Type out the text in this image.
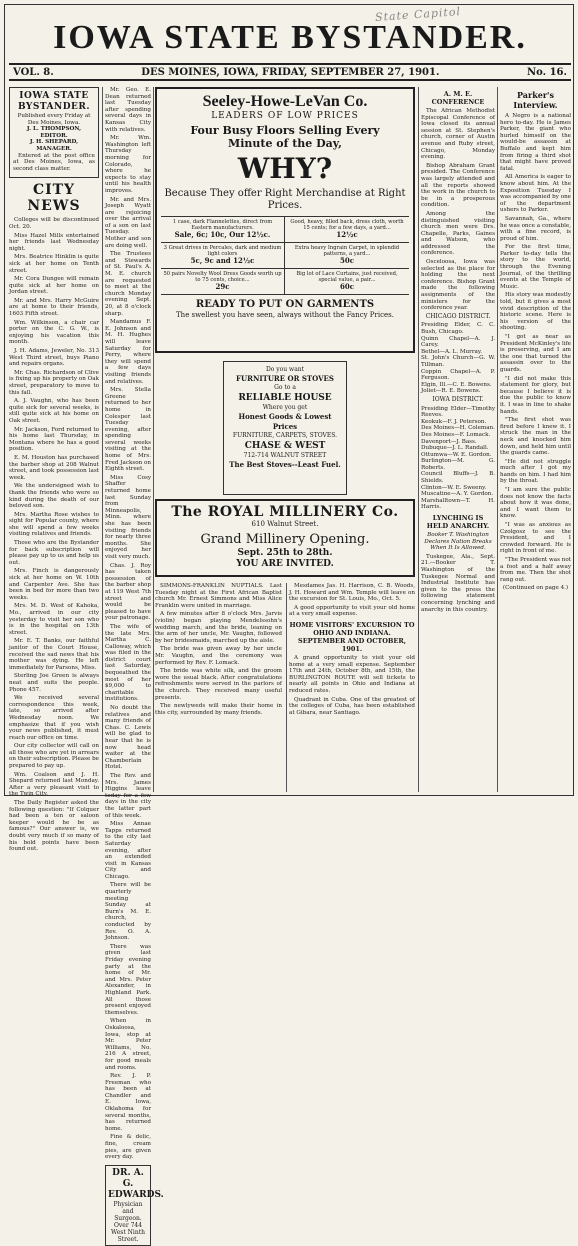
State Capitol
IOWA STATE BYSTANDER.
VOL. 8.	DES MOINES, IOWA, FRIDAY, SEPTEMBER 27, 1901.	No. 16.
IOWA STATE BYSTANDER.
Published every Friday at
Des Moines, Iowa.
J. L. THOMPSON, EDITOR.
J. H. SHEPARD, MANAGER.

Entered at the post office at Des Moines, Iowa, as second class matter.

CITY NEWS

Colleges will be discontinued Oct. 20.

Miss Hazel Mills entertained her friends last Wednesday night.

Mrs. Beatrice Hinklin is quite sick at her home on Tenth street.

Mr. Cora Dungee will remain quite sick at her home on Jordan street.

Mr. and Mrs. Harry McGuire are at home to their friends, 1603 Fifth street.

Wm. Wilkinson, a chair car porter on the C. G. W., is enjoying his vacation this month.

J. H. Adams, Jeweler, No. 313 West Third street, buys Piano and repairs organs.

Mr. Chas. Richardson of Clive is fixing up his property on Oak street, preparatory to move to this fall.

A. J. Vaughn, who has been quite sick for several weeks, is still quite sick at his home on Oak street.

Mr. Jackson, Ford returned to his home last Thursday, in Montana where he has a good position.

E. M. Houston has purchased the barber shop at 208 Walnut street, and took possession last week.

We the undersigned wish to thank the friends who were so kind during the death of our beloved son.

Mrs. Martha Rose wishes to sight for Popular county, where she will spend a few weeks visiting relatives and friends.

Those who are the Bystander for back subscription will please pay up to us and help us out.

Mrs. Finch is dangerously sick at her home on W. 10th and Carpenter Ave. She has been in bed for more than two weeks.

Mrs. M. D. West of Kahoka, Mo., arrived in our city yesterday to visit her son who is in the hospital on 13th street.

Mr. E. T. Banks, our faithful janitor of the Court House, received the sad news that his mother was dying. He left immediately for Parsons, Miss.

Sterling Joe Green is always neat and suits the people. Phone 457.

We received several correspondence this week, late, so arrived after Wednesday noon. We emphasize that if you wish your news published, it must reach our office on time.

Our city collector will call on all those who are yet in arrears on their subscription. Please be prepared to pay up.

Wm. Coalson and J. H. Shepard returned last Monday. After a very pleasant visit to the Twin City.

The Daily Register asked the following question: "If Colquer had been a ten or saloon keeper would he be as famous?" Our answer is, we doubt very much if so many of his bold points have been found out.

Mr. Geo. E. Dean returned last Tuesday after spending several days in Kansas City with relatives.

Mr. Wm. Washington left Thursday morning for Colorado, where he expects to stay until his health improves.

Mr. and Mrs. Joseph Wyatt are rejoicing over the arrival of a son on last Tuesday. Mother and son are doing well.

The Trustees and Stewards of St. Paul's A. M. E. church are requested to meet at the church Monday evening Sept. 20, at 8 o'clock sharp.

Mandamus F. E. Johnson and M. H. Hughes will leave Saturday for Perry, where they will spend a few days visiting friends and relatives.

Mrs. Stella Greene returned to her home in Colesper last Tuesday evening, after spending several weeks visiting at the home of Mrs. Fred Jackson on Eighth street.

Miss Cosy Shaffer returned home last Sunday from Minneapolis, Minn. where she has been visiting friends for nearly three months. She enjoyed her visit very much.

Chas. J. Roy has taken possession of the barber shop at 119 West 7th street and would be pleased to have your patronage.

The wife of the late Mrs. Martha C. Calloway, which was filed in the district court last Saturday, bequeathed the most of her $9,000 to charitable institutions.

No doubt the relatives and many friends of Chas. C. Lewis will be glad to hear that he is now head waiter at the Chamberlain Hotel.

The Rev. and Mrs. James Higgins leave today for a few days in the city the latter part of this week.

Miss Annae Tapps returned to the city last Saturday evening, after an extended visit in Kansas City and Chicago.

There will be quarterly meeting Sunday at Burn's M. E. church, conducted by Rev. O. A. Johnson.

There was given last Friday evening party at the home of Mr. and Mrs. Peter Alexander, in Highland Park. All those present enjoyed themselves.

When in Oskaloosa, Iowa, stop at Mr. Peter Williams, No. 216 A street, for good meals and rooms.

Rev. J. P. Freeman who has been at Chandler and E. Iowa, Oklahoma for several months, has returned home.

Fine & delic, fine, cream pies, are given every day.

DR. A. G. EDWARDS.
Physician and Surgeon.
Over 744 West Ninth Street.
Seeley-Howe-LeVan Co.
LEADERS OF LOW PRICES
Four Busy Floors Selling Every
Minute of the Day,
WHY?
Because They offer Right Merchandise at Right Prices.
1 case, dark Flannelettes, direct from Eastern manufacturers.
Sale, 6c; 10c, Our 12½c.
Good, heavy, filled back, dress cloth, worth 15 cents; for a few days, a yard...
12½c
3 Great drives in Percales, dark and medium light colors
5c, 9c and 12½c
Extra heavy Ingrain Carpet, in splendid patterns, a yard...
50c
50 pairs Novelty Wool Dress Goods worth up to 75 cents, choice...
29c
Big lot of Lace Curtains, just received, special value, a pair...
60c
READY TO PUT ON GARMENTS
The swellest you have seen, always without the Fancy Prices.
Do you want
FURNITURE OR STOVES
Go to a
RELIABLE HOUSE
Where you get
Honest Goods & Lowest Prices
FURNITURE, CARPETS, STOVES.
CHASE & WEST
712-714 WALNUT STREET
The Best Stoves--Least Fuel.
The ROYAL MILLINERY Co.
610 Walnut Street.
Grand Millinery Opening.
Sept. 25th to 28th.
YOU ARE INVITED.

SIMMONS-FRANKLIN NUPTIALS. Last Tuesday night at the First African Baptist church Mr. Ernest Simmons and Miss Alice Franklin were united in marriage.

A few minutes after 8 o'clock Mrs. Jarvis (violin) began playing Mendelssohn's wedding march, and the bride, leaning on the arm of her uncle, Mr. Vaughn, followed by her bridesmaids, marched up the aisle.

The bride was given away by her uncle Mr. Vaughn, and the ceremony was performed by Rev. F. Lomack.

The bride was white silk, and the groom wore the usual black. After congratulations refreshments were served in the parlors of the church. They received many useful presents.

The newlyweds will make their home in this city, surrounded by many friends.

Mesdames Jas. H. Harrison, C. B. Woods, J. H. Howard and Wm. Temple will leave on the excursion for St. Louis, Mo., Oct. 5.

A good opportunity to visit your old home at a very small expense.

HOME VISITORS' EXCURSION TO OHIO AND INDIANA. SEPTEMBER AND OCTOBER, 1901.

A grand opportunity to visit your old home at a very small expense. September 17th and 24th, October 8th, and 15th, the BURLINGTON ROUTE will sell tickets to nearly all points in Ohio and Indiana at reduced rates.

Quadrant in Cuba. One of the greatest of the colleges of Cuba, has been established at Gibara, near Santiago.

A. M. E. CONFERENCE

The African Methodist Episcopal Conference of Iowa closed its annual session at St. Stephen's church, corner of Austin avenue and Ruby street, Chicago, Monday evening.

Bishop Abraham Grant presided. The Conference was largely attended and all the reports showed the work in the church to be in a prosperous condition.

Among the distinguished visiting church men were Drs. Chapelle, Parks, Gaines and Watson, who addressed the conference.

Osceloosa, Iowa was selected as the place for holding the next conference. Bishop Grant made the following assignments of the ministers for the conference year.

CHICAGO DISTRICT.
Presiding Elder, C. C. Bush, Chicago.
Quinn Chapel—A. J. Carey.
Bethel—A. L. Murray.
St. John's Church—G. W. Tillman.
Coppin Chapel—A. P. Ferguson.
Elgin, Ill.—C. E. Bowens.
Joliet—R. E. Bowens.
IOWA DISTRICT.
Presiding Elder—Timothy Reeves.
Keokuk—F. J. Peterson.
Des Moines—H. Coleman.
Des Moines—F. Lomack.
Davenport—J. Bass.
Dubuque—J. L. Randall.
Ottumwa—W. E. Gordon.
Burlington—M. G. Roberts.
Council Bluffs—J. B. Shields.
Clinton—W. E. Sweeny.
Muscatine—A. Y. Gordon.
Marshalltown—T. H. Harris.
LYNCHING IS HELD ANARCHY.

Booker T. Washington Declares Nation Breaks When It Is Allowed.

Tuskegee, Ala., Sept. 21.—Booker T. Washington of the Tuskegee Normal and Industrial Institute has given to the press the following statement concerning lynching and anarchy in this country.

Parker's Interview.

A Negro is a national hero to-day. He is James Parker, the giant who hurled himself on the would-be assassin at Buffalo and kept him from firing a third shot that might have proved fatal.

All America is eager to know about him. At the Exposition Tuesday I was accompanied by one of the department ushers to Parker.

Savannah, Ga., where he was once a constable, with a fine record, is proud of him.

For the first time, Parker to-day tells the story to the world, through the Evening Journal, of the thrilling events at the Temple of Music.

His story was modestly told, but it gives a most vivid description of the historic scene. Here is his version of the shooting.

"I got as near as President McKinley's life is preserving, and I am the one that turned the assassin over to the guards.

"I did not make this statement for glory, but because I believe it is due the public to know it. I was in line to shake hands.

"The first shot was fired before I knew it. I struck the man in the neck and knocked him down, and held him until the guards came.

"He did not struggle much after I got my hands on him. I had him by the throat.

"I am sure the public does not know the facts about how it was done, and I want them to know.

"I was as anxious as Czolgosz to see the President, and I crowded forward. He is right in front of me.

"The President was not a foot and a half away from me. Then the shot rang out.

(Continued on page 4.)
